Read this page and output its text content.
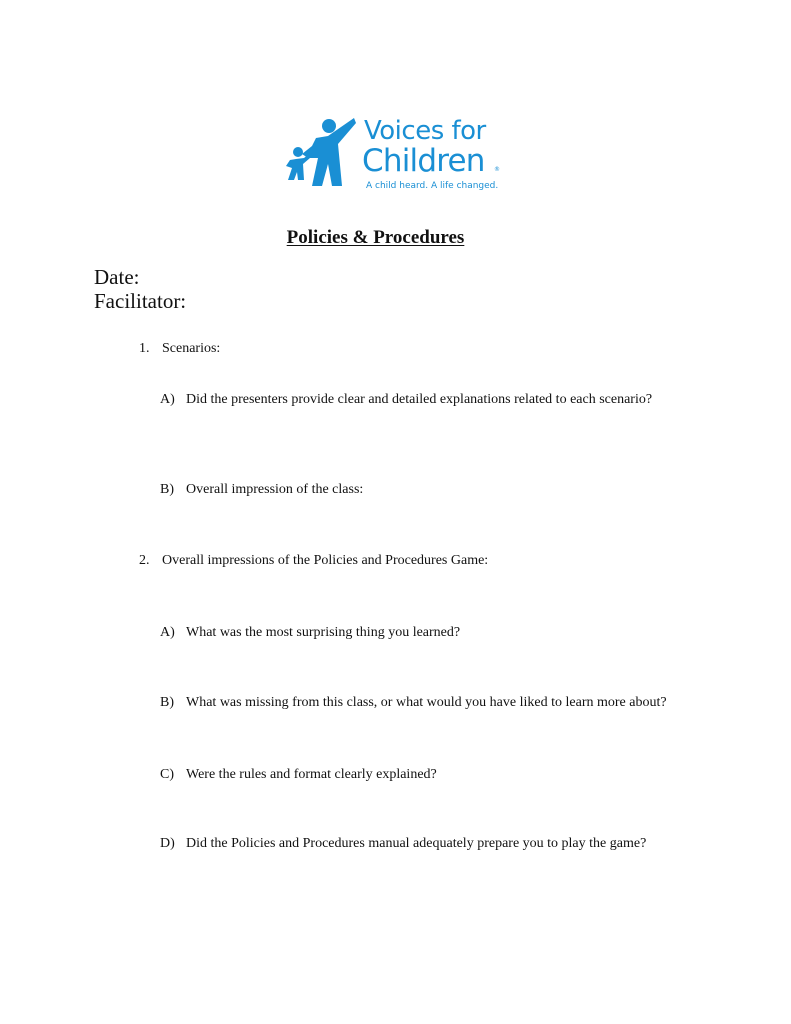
Voices for
Children ®
A child heard. A life changed.
Policies & Procedures
Date:
Facilitator:
1. Scenarios:
A) Did the presenters provide clear and detailed explanations related to each scenario?
B) Overall impression of the class:
2. Overall impressions of the Policies and Procedures Game:
A) What was the most surprising thing you learned?
B) What was missing from this class, or what would you have liked to learn more about?
C) Were the rules and format clearly explained?
D) Did the Policies and Procedures manual adequately prepare you to play the game?
